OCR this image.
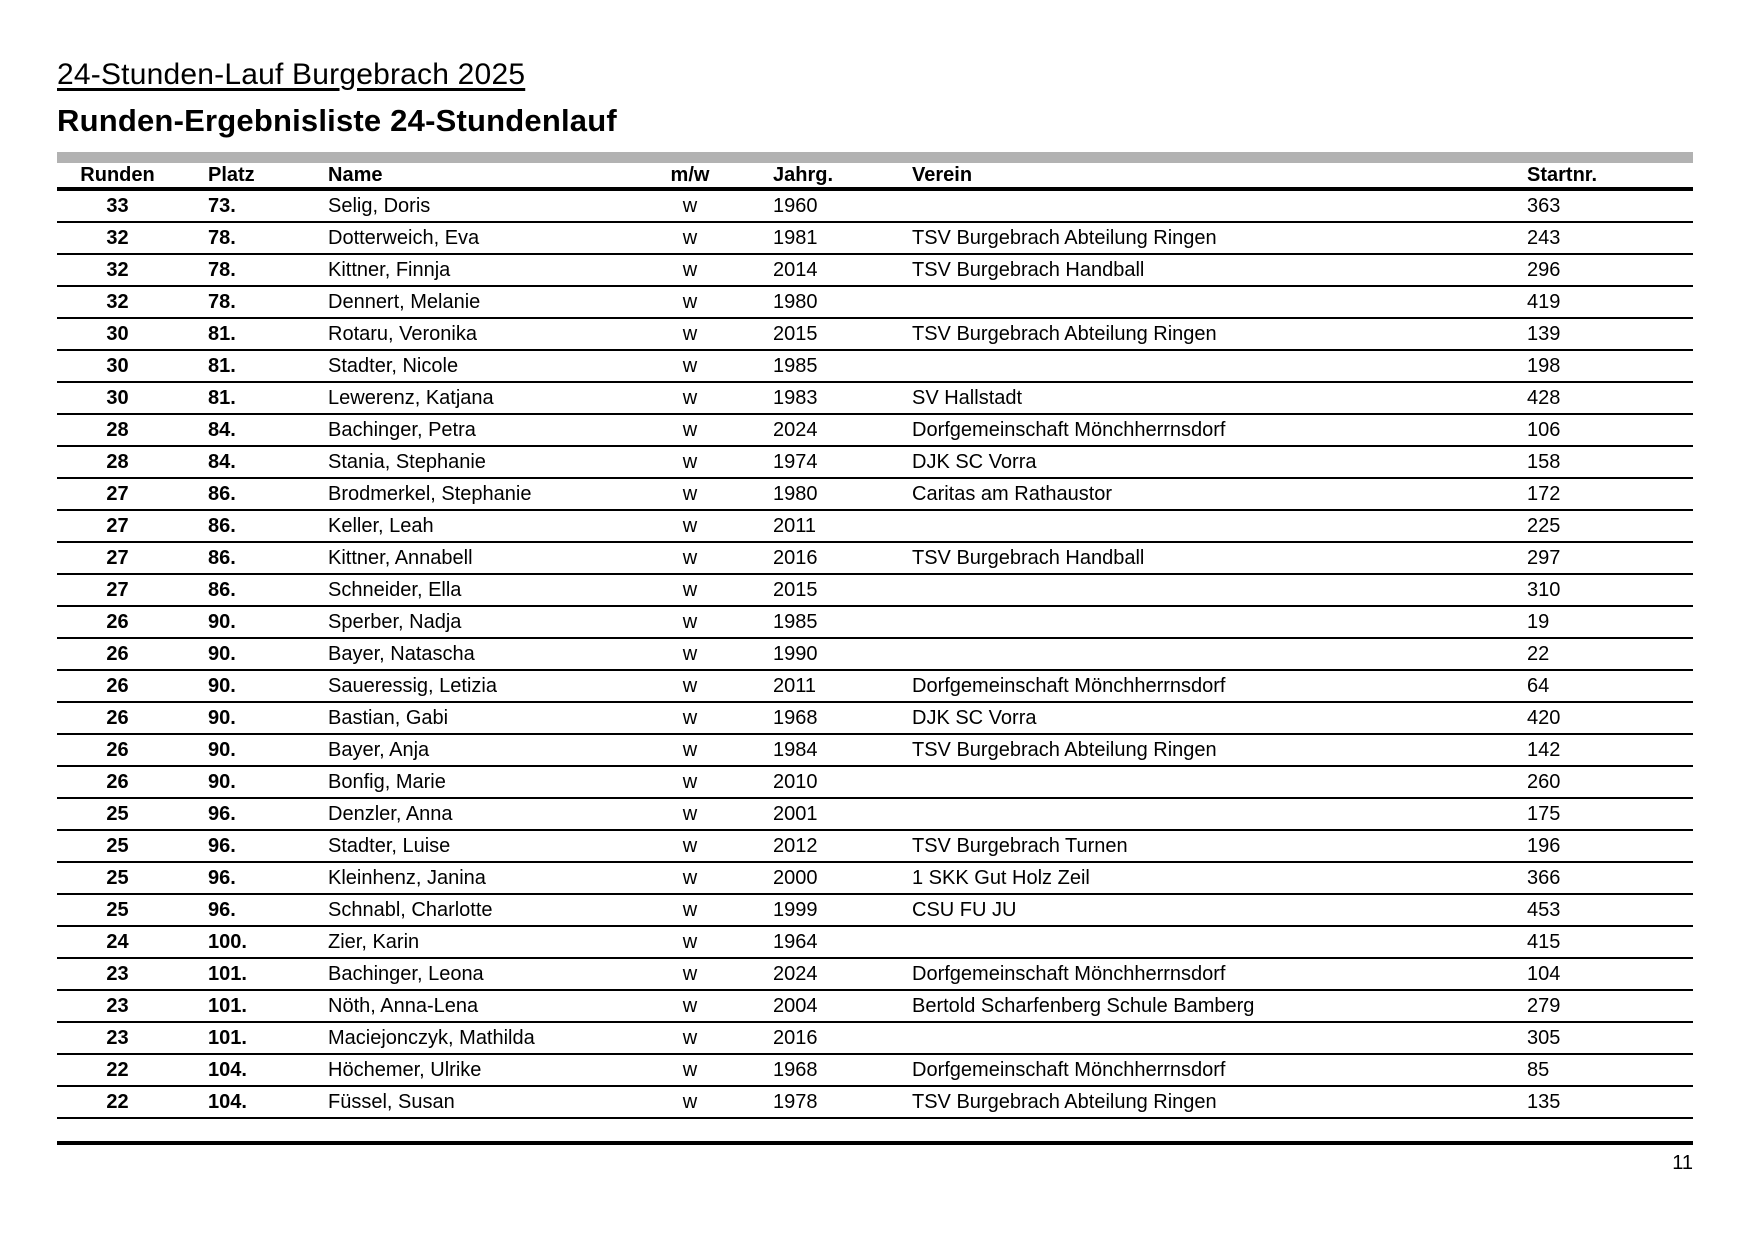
24-Stunden-Lauf Burgebrach 2025
Runden-Ergebnisliste 24-Stundenlauf
Runden	Platz	Name	m/w	Jahrg.	Verein	Startnr.
33	73.	Selig, Doris	w	1960		363
32	78.	Dotterweich, Eva	w	1981	TSV Burgebrach Abteilung Ringen	243
32	78.	Kittner, Finnja	w	2014	TSV Burgebrach Handball	296
32	78.	Dennert, Melanie	w	1980		419
30	81.	Rotaru, Veronika	w	2015	TSV Burgebrach Abteilung Ringen	139
30	81.	Stadter, Nicole	w	1985		198
30	81.	Lewerenz, Katjana	w	1983	SV Hallstadt	428
28	84.	Bachinger, Petra	w	2024	Dorfgemeinschaft Mönchherrnsdorf	106
28	84.	Stania, Stephanie	w	1974	DJK SC Vorra	158
27	86.	Brodmerkel, Stephanie	w	1980	Caritas am Rathaustor	172
27	86.	Keller, Leah	w	2011		225
27	86.	Kittner, Annabell	w	2016	TSV Burgebrach Handball	297
27	86.	Schneider, Ella	w	2015		310
26	90.	Sperber, Nadja	w	1985		19
26	90.	Bayer, Natascha	w	1990		22
26	90.	Saueressig, Letizia	w	2011	Dorfgemeinschaft Mönchherrnsdorf	64
26	90.	Bastian, Gabi	w	1968	DJK SC Vorra	420
26	90.	Bayer, Anja	w	1984	TSV Burgebrach Abteilung Ringen	142
26	90.	Bonfig, Marie	w	2010		260
25	96.	Denzler, Anna	w	2001		175
25	96.	Stadter, Luise	w	2012	TSV Burgebrach Turnen	196
25	96.	Kleinhenz, Janina	w	2000	1 SKK Gut Holz Zeil	366
25	96.	Schnabl, Charlotte	w	1999	CSU FU JU	453
24	100.	Zier, Karin	w	1964		415
23	101.	Bachinger, Leona	w	2024	Dorfgemeinschaft Mönchherrnsdorf	104
23	101.	Nöth, Anna-Lena	w	2004	Bertold Scharfenberg Schule Bamberg	279
23	101.	Maciejonczyk, Mathilda	w	2016		305
22	104.	Höchemer, Ulrike	w	1968	Dorfgemeinschaft Mönchherrnsdorf	85
22	104.	Füssel, Susan	w	1978	TSV Burgebrach Abteilung Ringen	135
11
